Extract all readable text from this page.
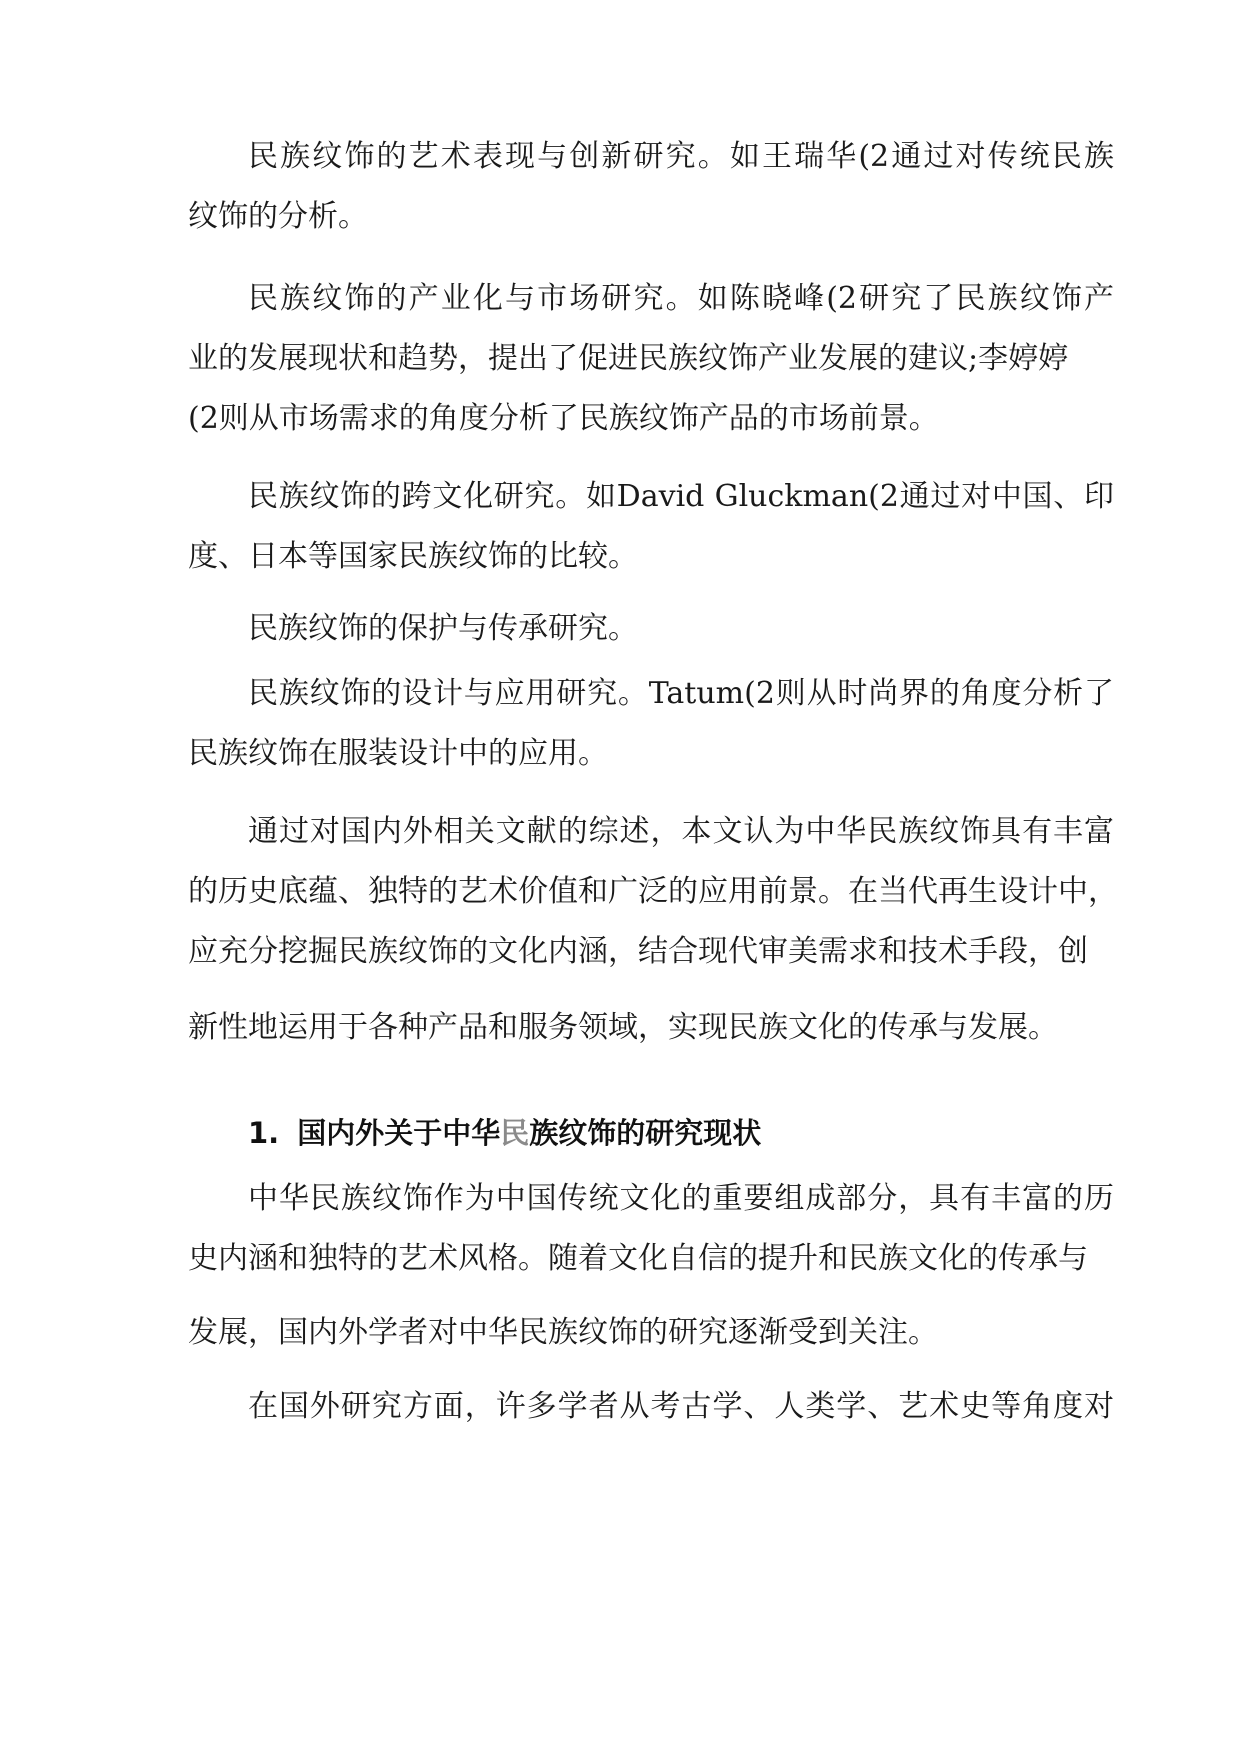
民族纹饰的艺术表现与创新研究。如王瑞华(2通过对传统民族
纹饰的分析。
民族纹饰的产业化与市场研究。如陈晓峰(2研究了民族纹饰产
业的发展现状和趋势，提出了促进民族纹饰产业发展的建议;李婷婷
(2则从市场需求的角度分析了民族纹饰产品的市场前景。
民族纹饰的跨文化研究。如David Gluckman(2通过对中国、印
度、日本等国家民族纹饰的比较。
民族纹饰的保护与传承研究。
民族纹饰的设计与应用研究。Tatum(2则从时尚界的角度分析了
民族纹饰在服装设计中的应用。
通过对国内外相关文献的综述，本文认为中华民族纹饰具有丰富
的历史底蕴、独特的艺术价值和广泛的应用前景。在当代再生设计中，
应充分挖掘民族纹饰的文化内涵，结合现代审美需求和技术手段，创
新性地运用于各种产品和服务领域，实现民族文化的传承与发展。
1. 国内外关于中华民族纹饰的研究现状
中华民族纹饰作为中国传统文化的重要组成部分，具有丰富的历
史内涵和独特的艺术风格。随着文化自信的提升和民族文化的传承与
发展，国内外学者对中华民族纹饰的研究逐渐受到关注。
在国外研究方面，许多学者从考古学、人类学、艺术史等角度对
